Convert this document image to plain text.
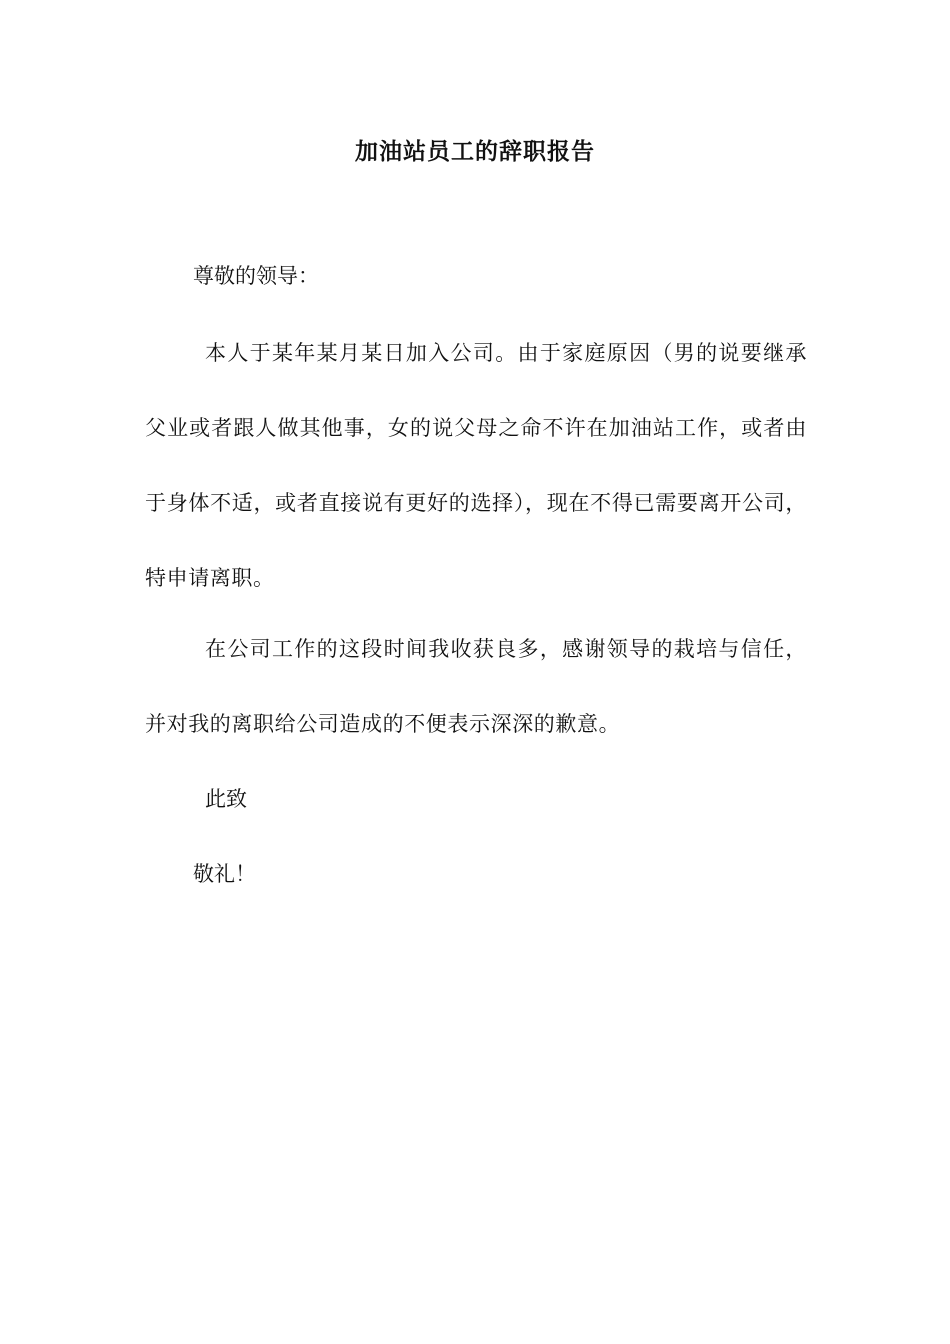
加油站员工的辞职报告

尊敬的领导：

本人于某年某月某日加入公司。由于家庭原因（男的说要继承父业或者跟人做其他事，女的说父母之命不许在加油站工作，或者由于身体不适，或者直接说有更好的选择），现在不得已需要离开公司，特申请离职。

在公司工作的这段时间我收获良多，感谢领导的栽培与信任，并对我的离职给公司造成的不便表示深深的歉意。

此致

敬礼！
